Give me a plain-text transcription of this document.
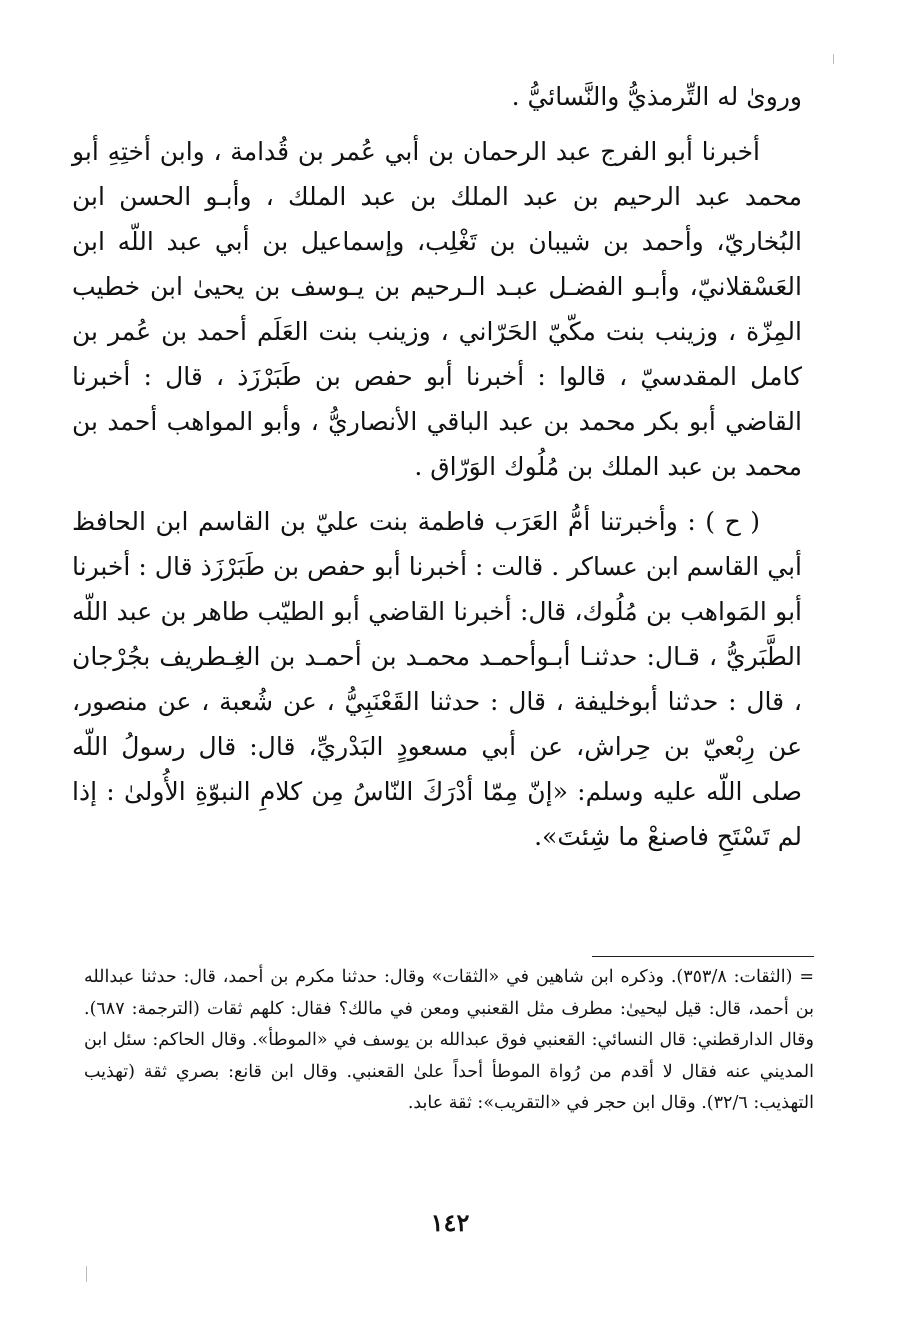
ورویٰ له التِّرمذيُّ والنَّسائيُّ .

أخبرنا أبو الفرج عبد الرحمان بن أبي عُمر بن قُدامة ، وابن أختِهِ أبو محمد عبد الرحيم بن عبد الملك بن عبد الملك ، وأبـو الحسن ابن البُخاريّ، وأحمد بن شيبان بن تَغْلِب، وإسماعيل بن أبي عبد اللّه ابن العَسْقلانيّ، وأبـو الفضـل عبـد الـرحيم بن يـوسف بن يحيىٰ ابن خطيب المِزّة ، وزينب بنت مكّيّ الحَرّاني ، وزينب بنت العَلَم أحمد بن عُمر بن كامل المقدسيّ ، قالوا : أخبرنا أبو حفص بن طَبَرْزَذ ، قال : أخبرنا القاضي أبو بكر محمد بن عبد الباقي الأنصاريُّ ، وأبو المواهب أحمد بن محمد بن عبد الملك بن مُلُوك الوَرّاق .

( ح ) : وأخبرتنا أمُّ العَرَب فاطمة بنت عليّ بن القاسم ابن الحافظ أبي القاسم ابن عساكر . قالت : أخبرنا أبو حفص بن طَبَرْزَذ قال : أخبرنا أبو المَواهب بن مُلُوك، قال: أخبرنا القاضي أبو الطيّب طاهر بن عبد اللّه الطَّبَريُّ ، قـال: حدثنـا أبـوأحمـد محمـد بن أحمـد بن الغِـطريف بجُرْجان ، قال : حدثنا أبوخليفة ، قال : حدثنا القَعْنَبِيُّ ، عن شُعبة ، عن منصور، عن رِبْعيّ بن حِراش، عن أبي مسعودٍ البَدْريِّ، قال: قال رسولُ اللّه صلى اللّه عليه وسلم: «إنّ مِمّا أدْرَكَ النّاسُ مِن كلامِ النبوّةِ الأُولىٰ : إذا لم تَسْتَحِ فاصنعْ ما شِئتَ».

= (الثقات: ٣٥٣/٨). وذكره ابن شاهين في «الثقات» وقال: حدثنا مكرم بن أحمد، قال: حدثنا عبدالله بن أحمد، قال: قيل ليحيىٰ: مطرف مثل القعنبي ومعن في مالك؟ فقال: كلهم ثقات (الترجمة: ٦٨٧). وقال الدارقطني: قال النسائي: القعنبي فوق عبدالله بن يوسف في «الموطأ». وقال الحاكم: سئل ابن المديني عنه فقال لا أقدم من رُواة الموطأ أحداً علىٰ القعنبي. وقال ابن قانع: بصري ثقة (تهذيب التهذيب: ٣٢/٦). وقال ابن حجر في «التقريب»: ثقة عابد.

١٤٢
